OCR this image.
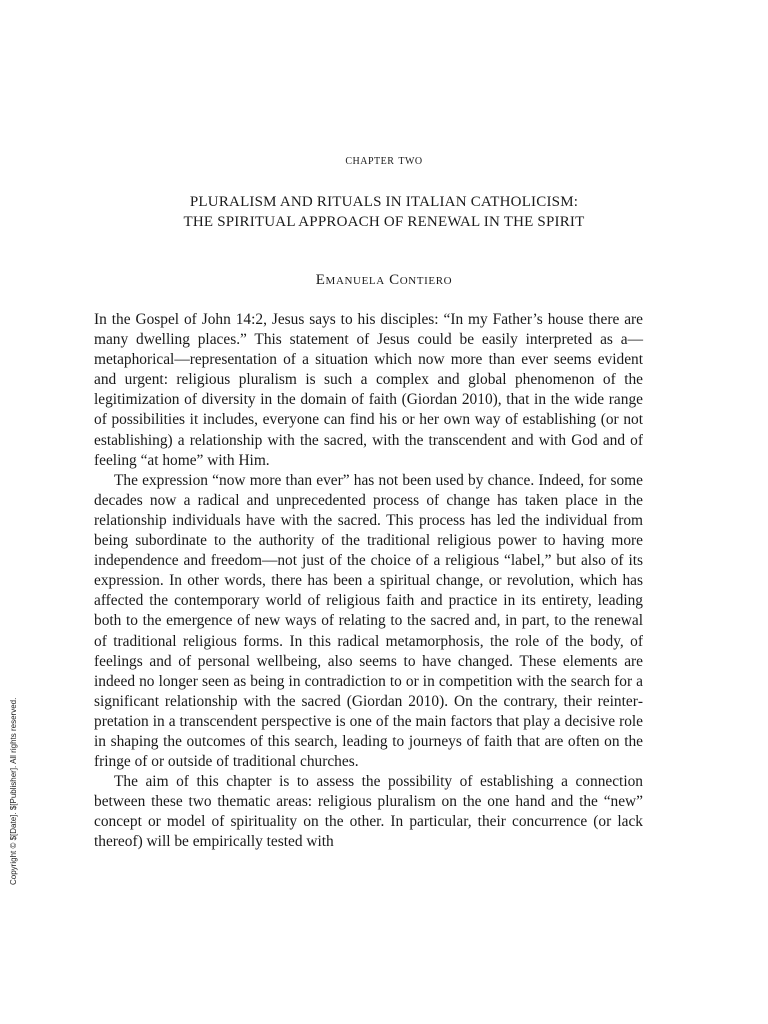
chapter two
PLURALISM AND RITUALS IN ITALIAN CATHOLICISM:
THE SPIRITUAL APPROACH OF RENEWAL IN THE SPIRIT
Emanuela Contiero

In the Gospel of John 14:2, Jesus says to his disciples: “In my Father’s house there are many dwelling places.” This statement of Jesus could be easily interpreted as a—metaphorical—representation of a situation which now more than ever seems evident and urgent: religious pluralism is such a complex and global phenomenon of the legitimization of diversity in the domain of faith (Giordan 2010), that in the wide range of possibilities it includes, everyone can find his or her own way of establishing (or not establishing) a relationship with the sacred, with the transcendent and with God and of feeling “at home” with Him.

The expression “now more than ever” has not been used by chance. Indeed, for some decades now a radical and unprecedented process of change has taken place in the relationship individuals have with the sacred. This process has led the individual from being subordinate to the authority of the traditional religious power to having more independence and freedom—not just of the choice of a religious “label,” but also of its expression. In other words, there has been a spiritual change, or revolution, which has affected the contemporary world of religious faith and practice in its entirety, leading both to the emergence of new ways of relating to the sacred and, in part, to the renewal of traditional religious forms. In this radical metamorphosis, the role of the body, of feelings and of personal wellbeing, also seems to have changed. These elements are indeed no longer seen as being in contradiction to or in competition with the search for a significant relationship with the sacred (Giordan 2010). On the contrary, their reinterpretation in a transcendent perspective is one of the main factors that play a decisive role in shaping the outcomes of this search, leading to journeys of faith that are often on the fringe of or outside of traditional churches.

The aim of this chapter is to assess the possibility of establishing a connection between these two thematic areas: religious pluralism on the one hand and the “new” concept or model of spirituality on the other. In particular, their concurrence (or lack thereof) will be empirically tested with

Copyright © $[Date]. $[Publisher]. All rights reserved.
